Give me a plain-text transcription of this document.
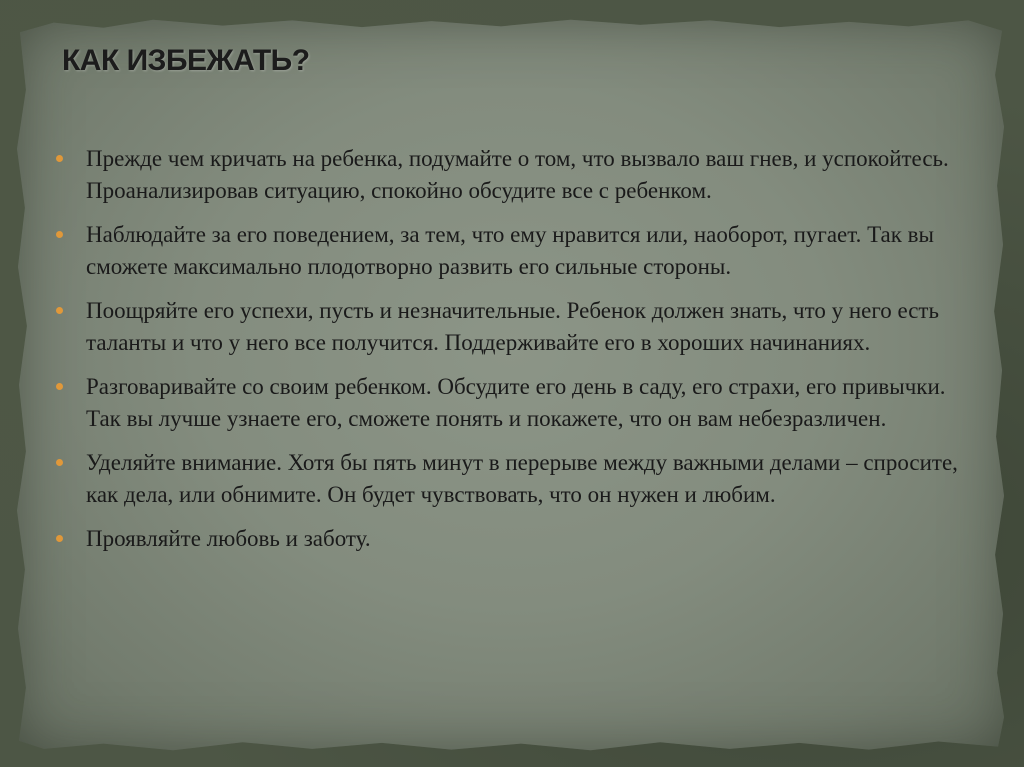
КАК ИЗБЕЖАТЬ?
Прежде чем кричать на ребенка, подумайте о том, что вызвало ваш гнев, и успокойтесь. Проанализировав ситуацию, спокойно обсудите все с ребенком.
Наблюдайте за его поведением, за тем, что ему нравится или, наоборот, пугает. Так вы сможете максимально плодотворно развить его сильные стороны.
Поощряйте его успехи, пусть и незначительные. Ребенок должен знать, что у него есть таланты и что у него все получится. Поддерживайте его в хороших начинаниях.
Разговаривайте со своим ребенком. Обсудите его день в саду, его страхи, его привычки. Так вы лучше узнаете его, сможете понять и покажете, что он вам небезразличен.
Уделяйте внимание. Хотя бы пять минут в перерыве между важными делами – спросите, как дела, или обнимите. Он будет чувствовать, что он нужен и любим.
Проявляйте любовь и заботу.
